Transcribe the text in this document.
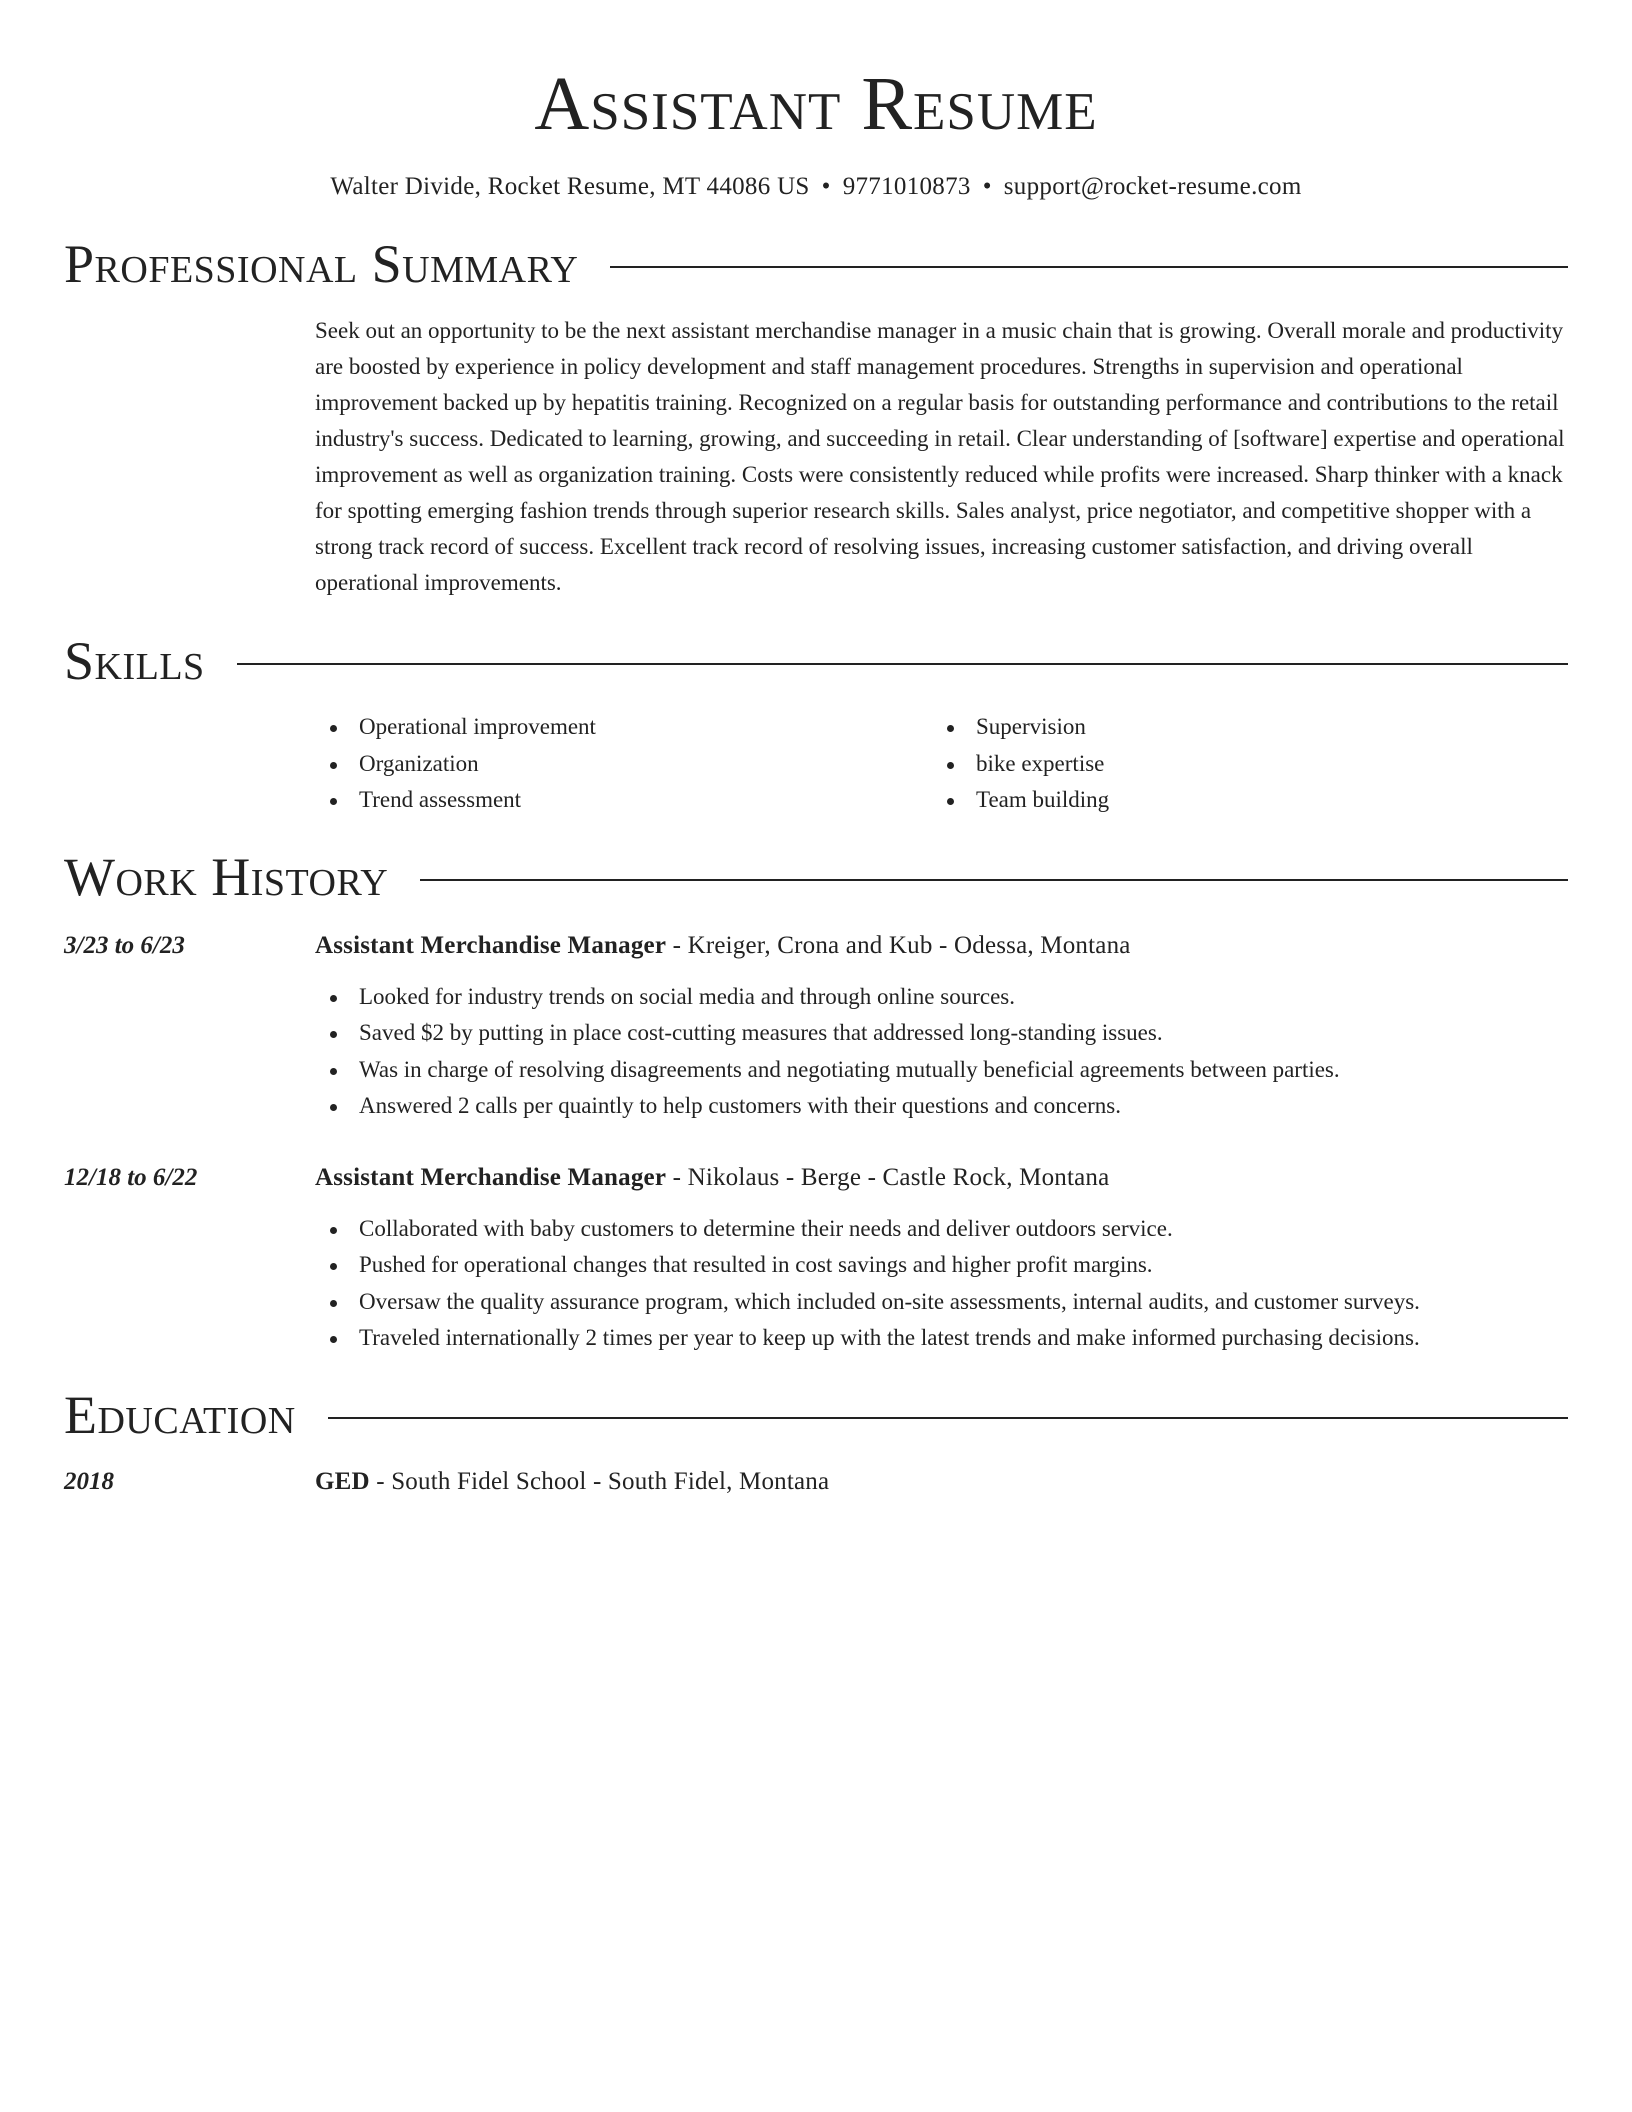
Assistant Resume
Walter Divide, Rocket Resume, MT 44086 US • 9771010873 • support@rocket-resume.com
Professional Summary
Seek out an opportunity to be the next assistant merchandise manager in a music chain that is growing. Overall morale and productivity are boosted by experience in policy development and staff management procedures. Strengths in supervision and operational improvement backed up by hepatitis training. Recognized on a regular basis for outstanding performance and contributions to the retail industry's success. Dedicated to learning, growing, and succeeding in retail. Clear understanding of [software] expertise and operational improvement as well as organization training. Costs were consistently reduced while profits were increased. Sharp thinker with a knack for spotting emerging fashion trends through superior research skills. Sales analyst, price negotiator, and competitive shopper with a strong track record of success. Excellent track record of resolving issues, increasing customer satisfaction, and driving overall operational improvements.
Skills
Operational improvement
Organization
Trend assessment
Supervision
bike expertise
Team building
Work History
3/23 to 6/23	Assistant Merchandise Manager - Kreiger, Crona and Kub - Odessa, Montana
Looked for industry trends on social media and through online sources.
Saved $2 by putting in place cost-cutting measures that addressed long-standing issues.
Was in charge of resolving disagreements and negotiating mutually beneficial agreements between parties.
Answered 2 calls per quaintly to help customers with their questions and concerns.
12/18 to 6/22	Assistant Merchandise Manager - Nikolaus - Berge - Castle Rock, Montana
Collaborated with baby customers to determine their needs and deliver outdoors service.
Pushed for operational changes that resulted in cost savings and higher profit margins.
Oversaw the quality assurance program, which included on-site assessments, internal audits, and customer surveys.
Traveled internationally 2 times per year to keep up with the latest trends and make informed purchasing decisions.
Education
2018	GED - South Fidel School - South Fidel, Montana
